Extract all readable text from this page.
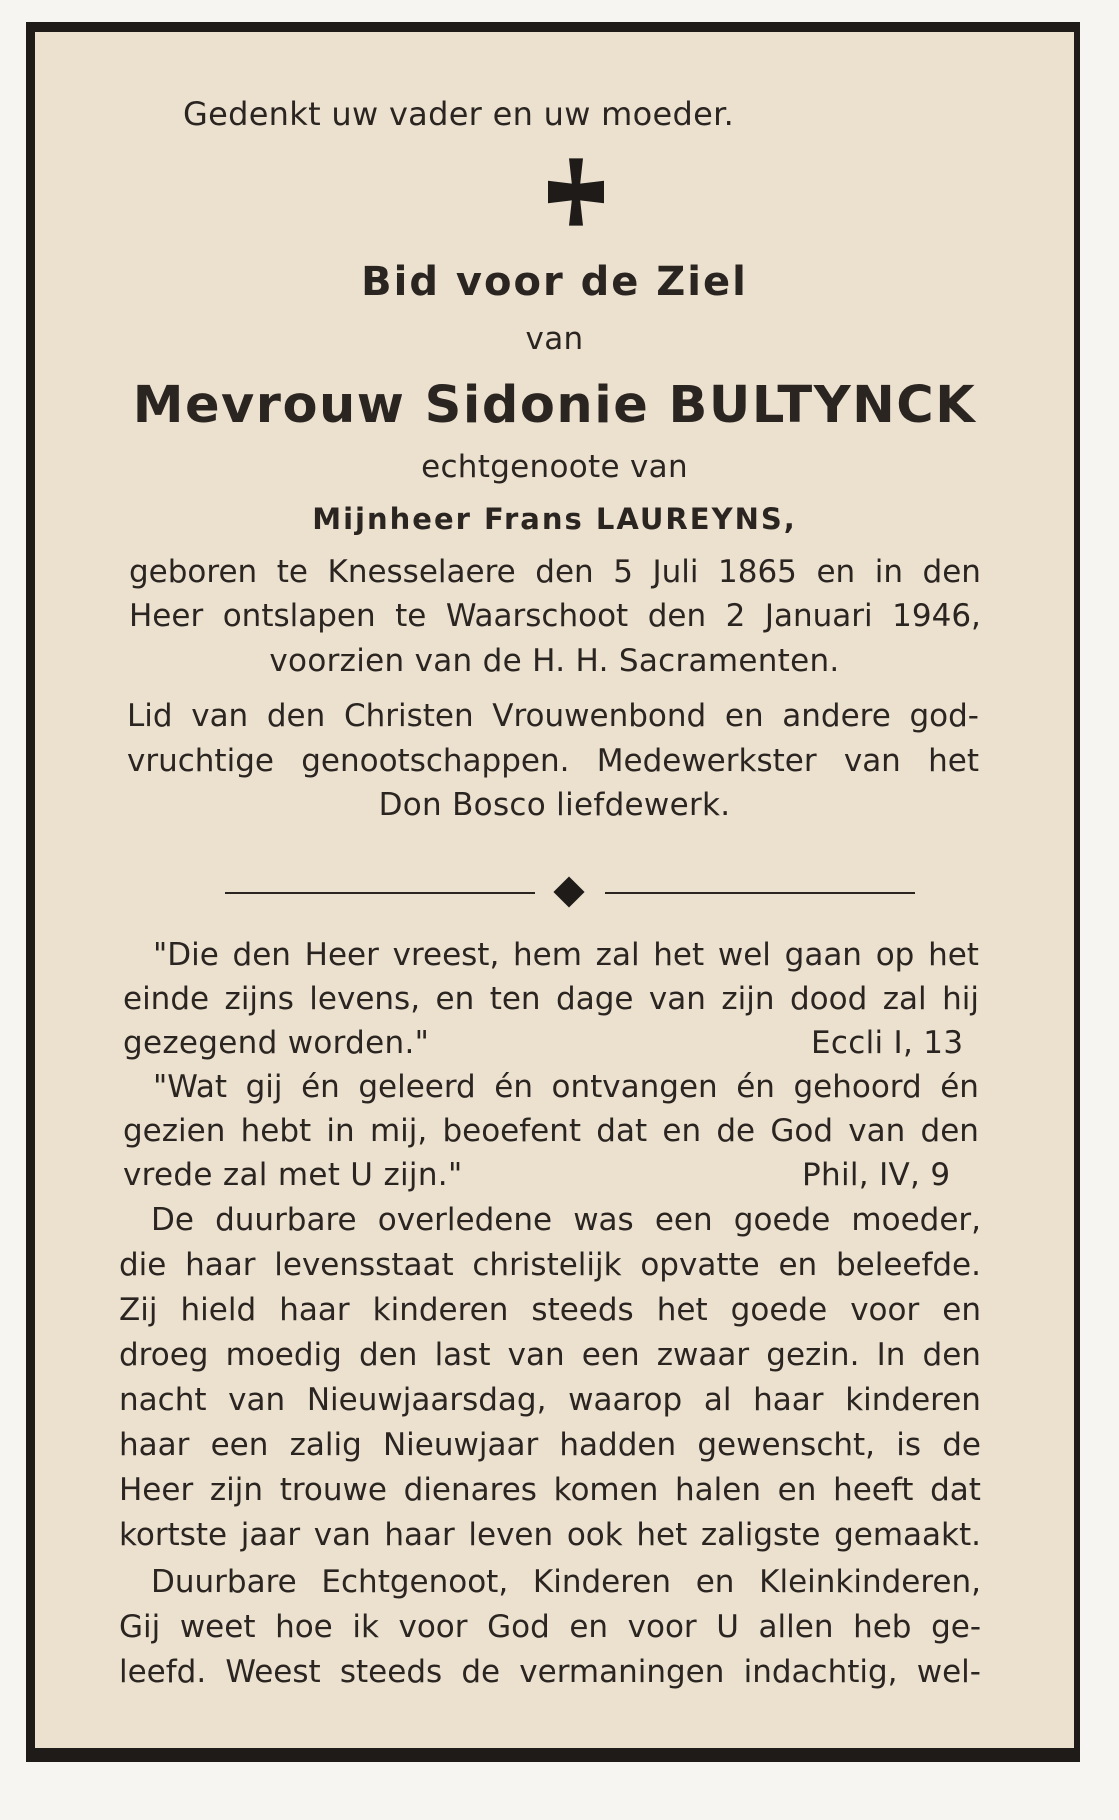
Gedenkt uw vader en uw moeder.
Bid voor de Ziel
van
Mevrouw Sidonie BULTYNCK
echtgenoote van
Mijnheer Frans LAUREYNS,
geboren te Knesselaere den 5 Juli 1865 en in den
Heer ontslapen te Waarschoot den 2 Januari 1946,
voorzien van de H. H. Sacramenten.
Lid van den Christen Vrouwenbond en andere god-
vruchtige genootschappen. Medewerkster van het
Don Bosco liefdewerk.
"Die den Heer vreest, hem zal het wel gaan op het
einde zijns levens, en ten dage van zijn dood zal hij
gezegend worden."	Eccli I, 13
"Wat gij én geleerd én ontvangen én gehoord én
gezien hebt in mij, beoefent dat en de God van den
vrede zal met U zijn."	Phil, IV, 9
De duurbare overledene was een goede moeder,
die haar levensstaat christelijk opvatte en beleefde.
Zij hield haar kinderen steeds het goede voor en
droeg moedig den last van een zwaar gezin. In den
nacht van Nieuwjaarsdag, waarop al haar kinderen
haar een zalig Nieuwjaar hadden gewenscht, is de
Heer zijn trouwe dienares komen halen en heeft dat
kortste jaar van haar leven ook het zaligste gemaakt.
Duurbare Echtgenoot, Kinderen en Kleinkinderen,
Gij weet hoe ik voor God en voor U allen heb ge-
leefd. Weest steeds de vermaningen indachtig, wel-
